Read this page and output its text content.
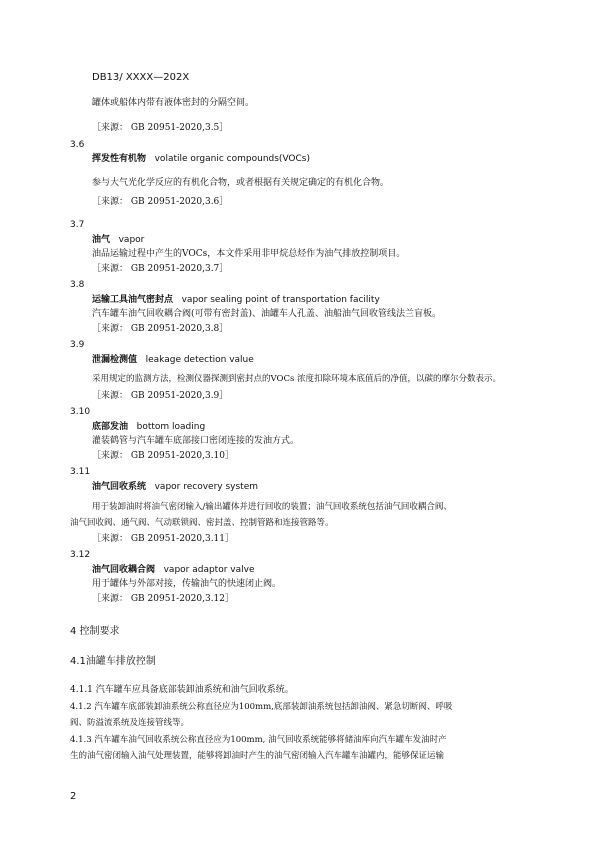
DB13/ XXXX—202X
罐体或船体内带有液体密封的分隔空间。
［来源： GB 20951-2020,3.5］
3.6
挥发性有机物 volatile organic compounds(VOCs)
参与大气光化学反应的有机化合物，或者根据有关规定确定的有机化合物。
［来源： GB 20951-2020,3.6］
3.7
油气 vapor
油品运输过程中产生的VOCs，本文件采用非甲烷总烃作为油气排放控制项目。
［来源： GB 20951-2020,3.7］
3.8
运输工具油气密封点 vapor sealing point of transportation facility
汽车罐车油气回收耦合阀(可带有密封盖)、油罐车人孔盖、油船油气回收管线法兰盲板。
［来源： GB 20951-2020,3.8］
3.9
泄漏检测值 leakage detection value
采用规定的监测方法，检测仪器探测到密封点的VOCs 浓度扣除环境本底值后的净值，以碳的摩尔分数表示。
［来源： GB 20951-2020,3.9］
3.10
底部发油 bottom loading
灌装鹤管与汽车罐车底部接口密闭连接的发油方式。
［来源： GB 20951-2020,3.10］
3.11
油气回收系统 vapor recovery system
用于装卸油时将油气密闭输入/输出罐体并进行回收的装置；油气回收系统包括油气回收耦合阀、
油气回收阀、通气阀、气动联锁阀、密封盖、控制管路和连接管路等。
［来源： GB 20951-2020,3.11］
3.12
油气回收耦合阀 vapor adaptor valve
用于罐体与外部对接，传输油气的快速闭止阀。
［来源： GB 20951-2020,3.12］
4 控制要求
4.1油罐车排放控制
4.1.1 汽车罐车应具备底部装卸油系统和油气回收系统。
4.1.2 汽车罐车底部装卸油系统公称直径应为100mm,底部装卸油系统包括卸油阀、紧急切断阀、呼吸
阀、防溢流系统及连接管线等。
4.1.3 汽车罐车油气回收系统公称直径应为100mm, 油气回收系统能够将储油库向汽车罐车发油时产
生的油气密闭输入油气处理装置，能够将卸油时产生的油气密闭输入汽车罐车油罐内，能够保证运输
2
